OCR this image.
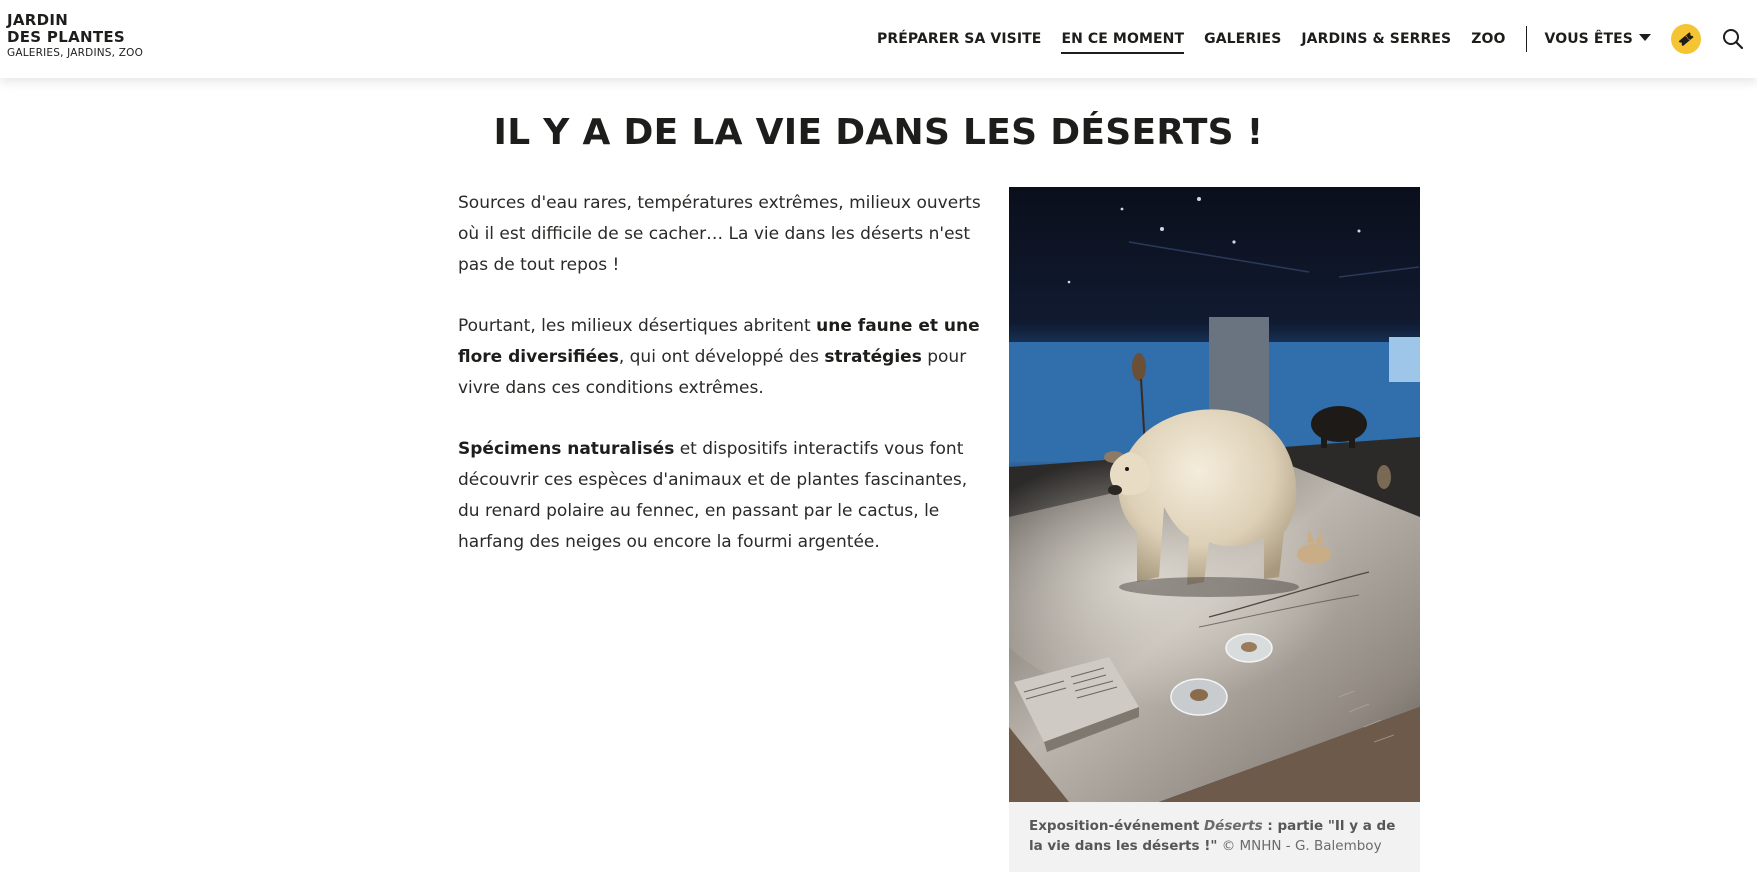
JARDIN
DES PLANTES
GALERIES, JARDINS, ZOO
PRÉPARER SA VISITE EN CE MOMENT GALERIES JARDINS & SERRES ZOO	VOUS ÊTES
IL Y A DE LA VIE DANS LES DÉSERTS !

Sources d'eau rares, températures extrêmes, milieux ouverts où il est difficile de se cacher… La vie dans les déserts n'est pas de tout repos !

Pourtant, les milieux désertiques abritent une faune et une flore diversifiées, qui ont développé des stratégies pour vivre dans ces conditions extrêmes.

Spécimens naturalisés et dispositifs interactifs vous font découvrir ces espèces d'animaux et de plantes fascinantes, du renard polaire au fennec, en passant par le cactus, le harfang des neiges ou encore la fourmi argentée.

Exposition-événement Déserts : partie "Il y a de la vie dans les déserts !" © MNHN - G. Balemboy
